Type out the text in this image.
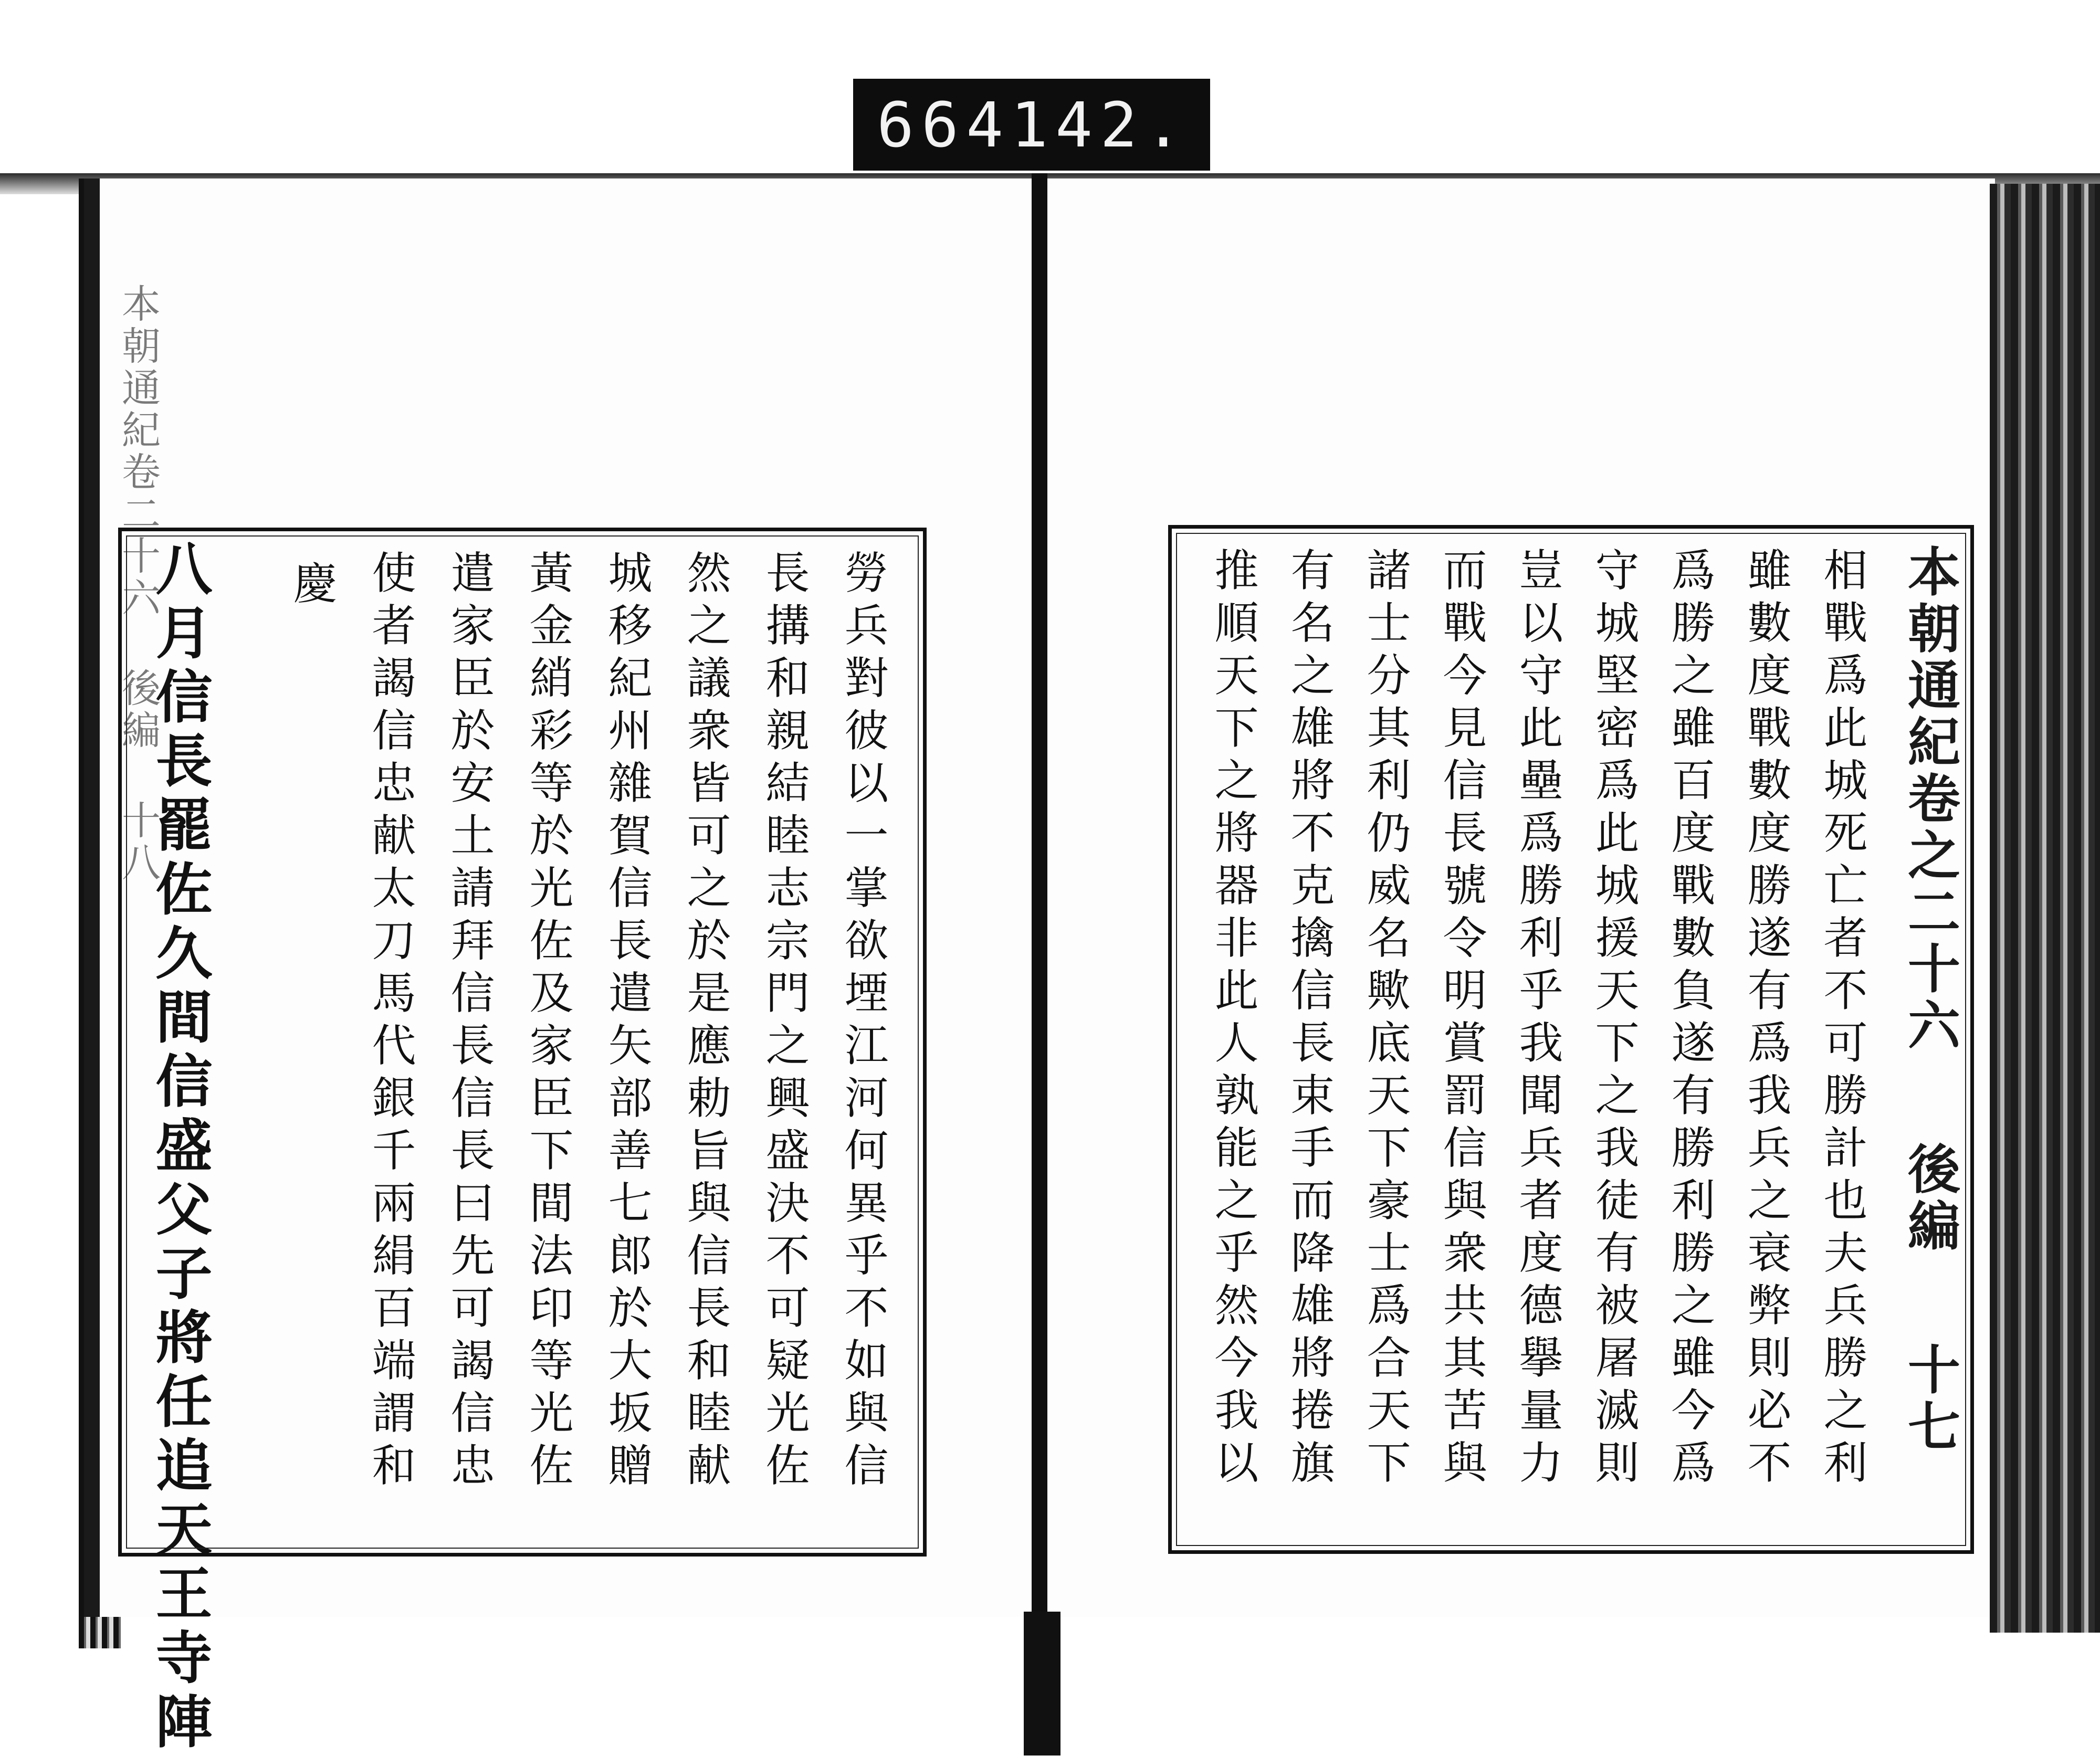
664 142.
本朝通紀卷二十六 後編 十八	勞兵對彼以一掌欲堙江河何異乎不如與信
長搆和親結睦志宗門之興盛決不可疑光佐
然之議衆皆可之於是應勅旨與信長和睦献
城移紀州雜賀信長遣矢部善七郎於大坂贈
黃金綃彩等於光佐及家臣下間法印等光佐
遣家臣於安土請拜信長信長曰先可謁信忠
使者謁信忠献太刀馬代銀千兩絹百端謂和
慶
八月信長罷佐久間信盛父子將任追天王寺陣	本朝通紀卷之二十六 後編 十七
相戰爲此城死亡者不可勝計也夫兵勝之利
雖數度戰數度勝遂有爲我兵之衰弊則必不
爲勝之雖百度戰數負遂有勝利勝之雖今爲
守城堅密爲此城援天下之我徒有被屠滅則
豈以守此壘爲勝利乎我聞兵者度德擧量力
而戰今見信長號令明賞罰信與衆共其苦與
諸士分其利仍威名歟底天下豪士爲合天下
有名之雄將不克擒信長束手而降雄將捲旗
推順天下之將器非此人孰能之乎然今我以
